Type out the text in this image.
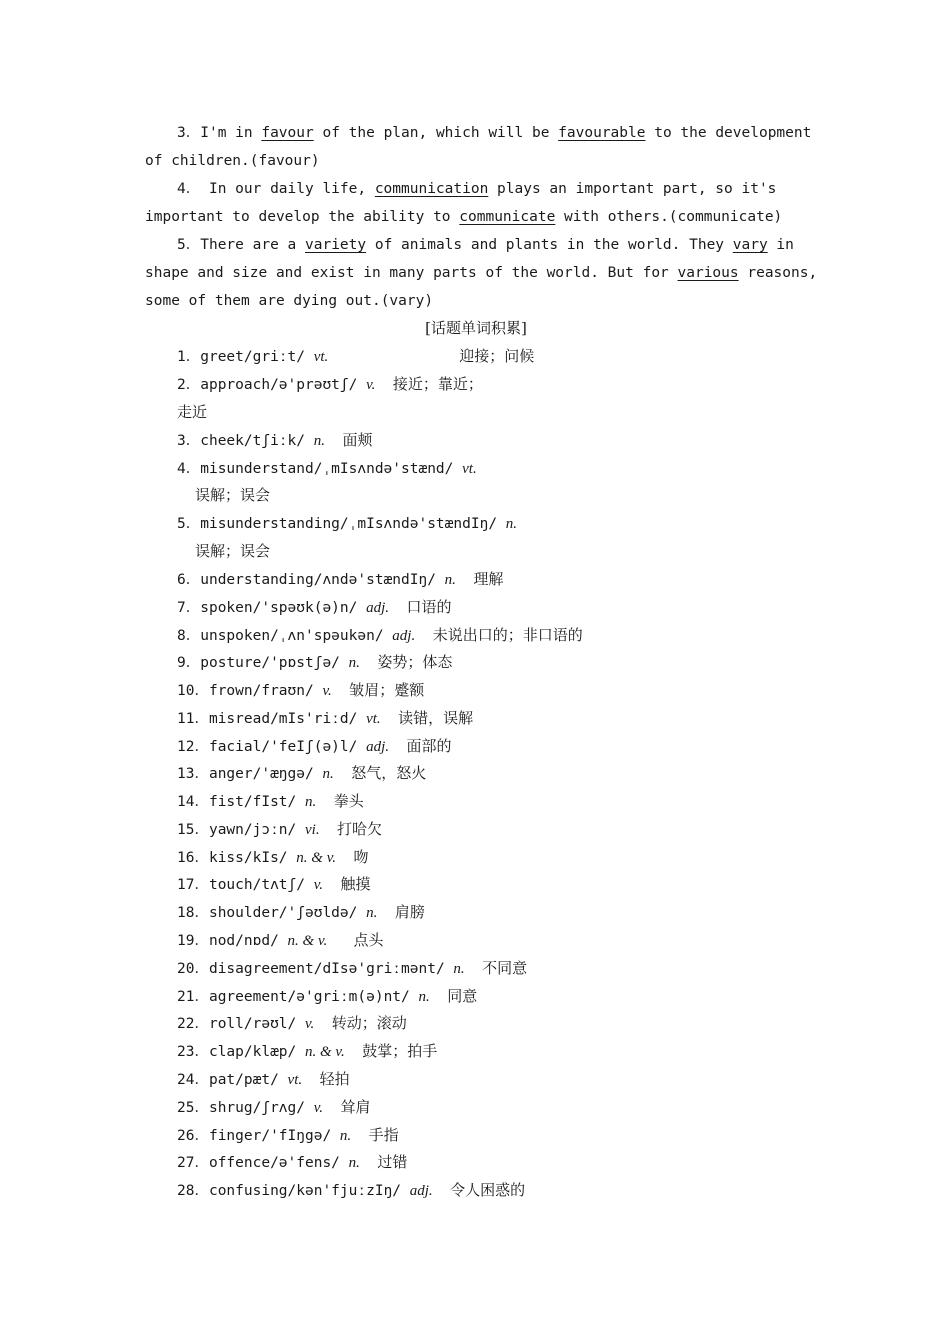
3．I'm in favour of the plan, which will be favourable to the development
of children.(favour)
4． In our daily life, communication plays an important part, so it's
important to develop the ability to communicate with others.(communicate)
5．There are a variety of animals and plants in the world. They vary in
shape and size and exist in many parts of the world. But for various reasons,
some of them are dying out.(vary)
[话题单词积累]
1．greet/griːt/ vt.	迎接；问候
2．approach/ə'prəʊtʃ/ v. 接近；靠近；
走近
3．cheek/tʃiːk/ n. 面颊
4．misunderstand/ˌmIsʌndə'stænd/ vt.
误解；误会
5．misunderstanding/ˌmIsʌndə'stændIŋ/ n.
误解；误会
6．understanding/ʌndə'stændIŋ/ n. 理解
7．spoken/'spəʊk(ə)n/ adj. 口语的
8．unspoken/ˌʌn'spəukən/ adj. 未说出口的；非口语的
9．posture/'pɒstʃə/ n. 姿势；体态
10．frown/fraʊn/ v. 皱眉；蹙额
11．misread/mIs'riːd/ vt. 读错，误解
12．facial/'feIʃ(ə)l/ adj. 面部的
13．anger/'æŋgə/ n. 怒气，怒火
14．fist/fIst/ n. 拳头
15．yawn/jɔːn/ vi. 打哈欠
16．kiss/kIs/ n. & v. 吻
17．touch/tʌtʃ/ v. 触摸
18．shoulder/'ʃəʊldə/ n. 肩膀
19．nod/nɒd/ n. & v. 点头
20．disagreement/dIsə'griːmənt/ n. 不同意
21．agreement/ə'griːm(ə)nt/ n. 同意
22．roll/rəʊl/ v. 转动；滚动
23．clap/klæp/ n. & v. 鼓掌；拍手
24．pat/pæt/ vt. 轻拍
25．shrug/ʃrʌg/ v. 耸肩
26．finger/'fIŋgə/ n. 手指
27．offence/ə'fens/ n. 过错
28．confusing/kən'fjuːzIŋ/ adj. 令人困惑的
